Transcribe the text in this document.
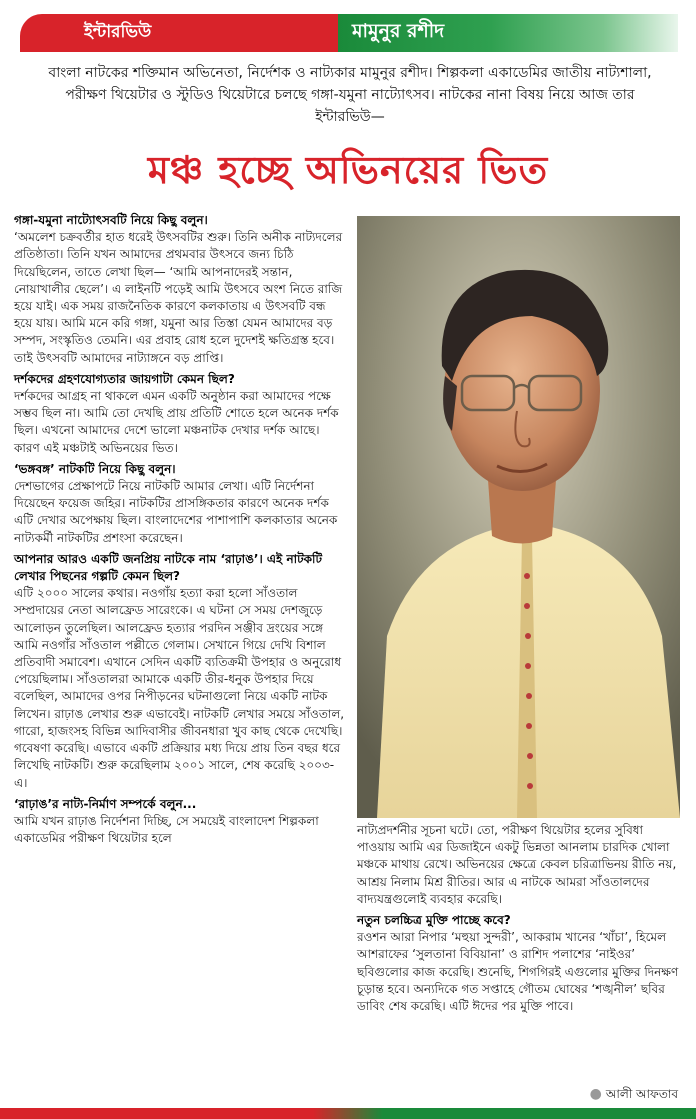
ইন্টারভিউ	মামুনুর রশীদ
বাংলা নাটকের শক্তিমান অভিনেতা, নির্দেশক ও নাট্যকার মামুনুর রশীদ। শিল্পকলা একাডেমির জাতীয় নাট্যশালা, পরীক্ষণ থিয়েটার ও স্টুডিও থিয়েটারে চলছে গঙ্গা-যমুনা নাট্যোৎসব। নাটকের নানা বিষয় নিয়ে আজ তার ইন্টারভিউ—
মঞ্চ হচ্ছে অভিনয়ের ভিত
গঙ্গা-যমুনা নাট্যোৎসবটি নিয়ে কিছু বলুন।
‘অমলেশ চক্রবর্তীর হাত ধরেই উৎসবটির শুরু। তিনি অনীক নাট্যদলের প্রতিষ্ঠাতা। তিনি যখন আমাদের প্রথমবার উৎসবে জন্য চিঠি দিয়েছিলেন, তাতে লেখা ছিল— ‘আমি আপনাদেরই সন্তান, নোয়াখালীর ছেলে’। এ লাইনটি পড়েই আমি উৎসবে অংশ নিতে রাজি হয়ে যাই। এক সময় রাজনৈতিক কারণে কলকাতায় এ উৎসবটি বন্ধ হয়ে যায়। আমি মনে করি গঙ্গা, যমুনা আর তিস্তা যেমন আমাদের বড় সম্পদ, সংস্কৃতিও তেমনি। এর প্রবাহ রোধ হলে দুদেশই ক্ষতিগ্রস্ত হবে। তাই উৎসবটি আমাদের নাট্যাঙ্গনে বড় প্রাপ্তি।
দর্শকদের গ্রহণযোগ্যতার জায়গাটা কেমন ছিল?
দর্শকদের আগ্রহ না থাকলে এমন একটি অনুষ্ঠান করা আমাদের পক্ষে সম্ভব ছিল না। আমি তো দেখছি প্রায় প্রতিটি শোতে হলে অনেক দর্শক ছিল। এখনো আমাদের দেশে ভালো মঞ্চনাটক দেখার দর্শক আছে। কারণ এই মঞ্চটাই অভিনয়ের ভিত।
‘ভঙ্গবঙ্গ’ নাটকটি নিয়ে কিছু বলুন।
দেশভাগের প্রেক্ষাপটে নিয়ে নাটকটি আমার লেখা। এটি নির্দেশনা দিয়েছেন ফয়েজ জহির। নাটকটির প্রাসঙ্গিকতার কারণে অনেক দর্শক এটি দেখার অপেক্ষায় ছিল। বাংলাদেশের পাশাপাশি কলকাতার অনেক নাট্যকর্মী নাটকটির প্রশংসা করেছেন।
আপনার আরও একটি জনপ্রিয় নাটকে নাম ‘রাঢ়াঙ’। এই নাটকটি লেখার পিছনের গল্পটি কেমন ছিল?
এটি ২০০০ সালের কথার। নওগাঁয় হত্যা করা হলো সাঁওতাল সম্প্রদায়ের নেতা আলফ্রেড সারেংকে। এ ঘটনা সে সময় দেশজুড়ে আলোড়ন তুলেছিল। আলফ্রেড হত্যার পরদিন সঞ্জীব দ্রংয়ের সঙ্গে আমি নওগাঁর সাঁওতাল পল্লীতে গেলাম। সেখানে গিয়ে দেখি বিশাল প্রতিবাদী সমাবেশ। এখানে সেদিন একটি ব্যতিক্রমী উপহার ও অনুরোধ পেয়েছিলাম। সাঁওতালরা আমাকে একটি তীর-ধনুক উপহার দিয়ে বলেছিল, আমাদের ওপর নিপীড়নের ঘটনাগুলো নিয়ে একটি নাটক লিখেন। রাঢ়াঙ লেখার শুরু এভাবেই। নাটকটি লেখার সময়ে সাঁওতাল, গারো, হাজংসহ বিভিন্ন আদিবাসীর জীবনধারা খুব কাছ থেকে দেখেছি। গবেষণা করেছি। এভাবে একটি প্রক্রিয়ার মধ্য দিয়ে প্রায় তিন বছর ধরে লিখেছি নাটকটি। শুরু করেছিলাম ২০০১ সালে, শেষ করেছি ২০০৩-এ।
‘রাঢ়াঙ’র নাট্য-নির্মাণ সম্পর্কে বলুন...
আমি যখন রাঢ়াঙ নির্দেশনা দিচ্ছি, সে সময়েই বাংলাদেশ শিল্পকলা একাডেমির পরীক্ষণ থিয়েটার হলে
নাট্যপ্রদর্শনীর সূচনা ঘটে। তো, পরীক্ষণ থিয়েটার হলের সুবিধা পাওয়ায় আমি এর ডিজাইনে একটু ভিন্নতা আনলাম চারদিক খোলা মঞ্চকে মাথায় রেখে। অভিনয়ের ক্ষেত্রে কেবল চরিত্রাভিনয় রীতি নয়, আশ্রয় নিলাম মিশ্র রীতির। আর এ নাটকে আমরা সাঁওতালদের বাদ্যযন্ত্রগুলোই ব্যবহার করেছি।
নতুন চলচ্চিত্র মুক্তি পাচ্ছে কবে?
রওশন আরা নিপার ‘মহুয়া সুন্দরী’, আকরাম খানের ‘খাঁচা’, হিমেল আশরাফের ‘সুলতানা বিবিয়ানা’ ও রাশিদ পলাশের ‘নাইওর’ ছবিগুলোর কাজ করেছি। শুনেছি, শিগগিরই এগুলোর মুক্তির দিনক্ষণ চূড়ান্ত হবে। অন্যদিকে গত সপ্তাহে গৌতম ঘোষের ‘শঙ্খনীল’ ছবির ডাবিং শেষ করেছি। এটি ঈদের পর মুক্তি পাবে।
● আলী আফতাব
